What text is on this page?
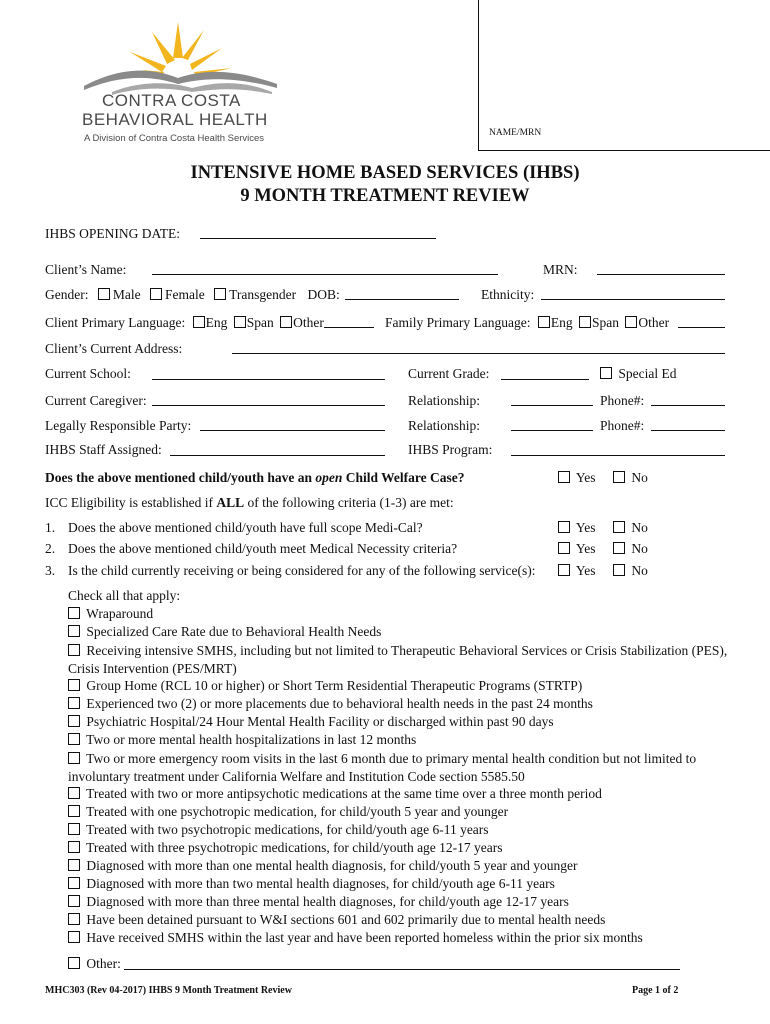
CONTRA COSTA
BEHAVIORAL HEALTH
A Division of Contra Costa Health Services	NAME/MRN
INTENSIVE HOME BASED SERVICES (IHBS)
9 MONTH TREATMENT REVIEW
IHBS OPENING DATE:
Client’s Name:	MRN:
Gender: Male Female Transgender DOB:	Ethnicity:
Client Primary Language: Eng Span Other	Family Primary Language: Eng Span Other
Client’s Current Address:
Current School:	Current Grade:	Special Ed
Current Caregiver:	Relationship:	Phone#:
Legally Responsible Party:	Relationship:	Phone#:
IHBS Staff Assigned:	IHBS Program:
Does the above mentioned child/youth have an open Child Welfare Case?	Yes	No
ICC Eligibility is established if ALL of the following criteria (1-3) are met:
1. Does the above mentioned child/youth have full scope Medi-Cal?	Yes	No
2. Does the above mentioned child/youth meet Medical Necessity criteria?	Yes	No
3. Is the child currently receiving or being considered for any of the following service(s):	Yes	No
Check all that apply:
Wraparound
Specialized Care Rate due to Behavioral Health Needs
Receiving intensive SMHS, including but not limited to Therapeutic Behavioral Services or Crisis Stabilization (PES), Crisis Intervention (PES/MRT)
Group Home (RCL 10 or higher) or Short Term Residential Therapeutic Programs (STRTP)
Experienced two (2) or more placements due to behavioral health needs in the past 24 months
Psychiatric Hospital/24 Hour Mental Health Facility or discharged within past 90 days
Two or more mental health hospitalizations in last 12 months
Two or more emergency room visits in the last 6 month due to primary mental health condition but not limited to involuntary treatment under California Welfare and Institution Code section 5585.50
Treated with two or more antipsychotic medications at the same time over a three month period
Treated with one psychotropic medication, for child/youth 5 year and younger
Treated with two psychotropic medications, for child/youth age 6-11 years
Treated with three psychotropic medications, for child/youth age 12-17 years
Diagnosed with more than one mental health diagnosis, for child/youth 5 year and younger
Diagnosed with more than two mental health diagnoses, for child/youth age 6-11 years
Diagnosed with more than three mental health diagnoses, for child/youth age 12-17 years
Have been detained pursuant to W&I sections 601 and 602 primarily due to mental health needs
Have received SMHS within the last year and have been reported homeless within the prior six months
Other:
MHC303 (Rev 04-2017) IHBS 9 Month Treatment Review	Page 1 of 2
